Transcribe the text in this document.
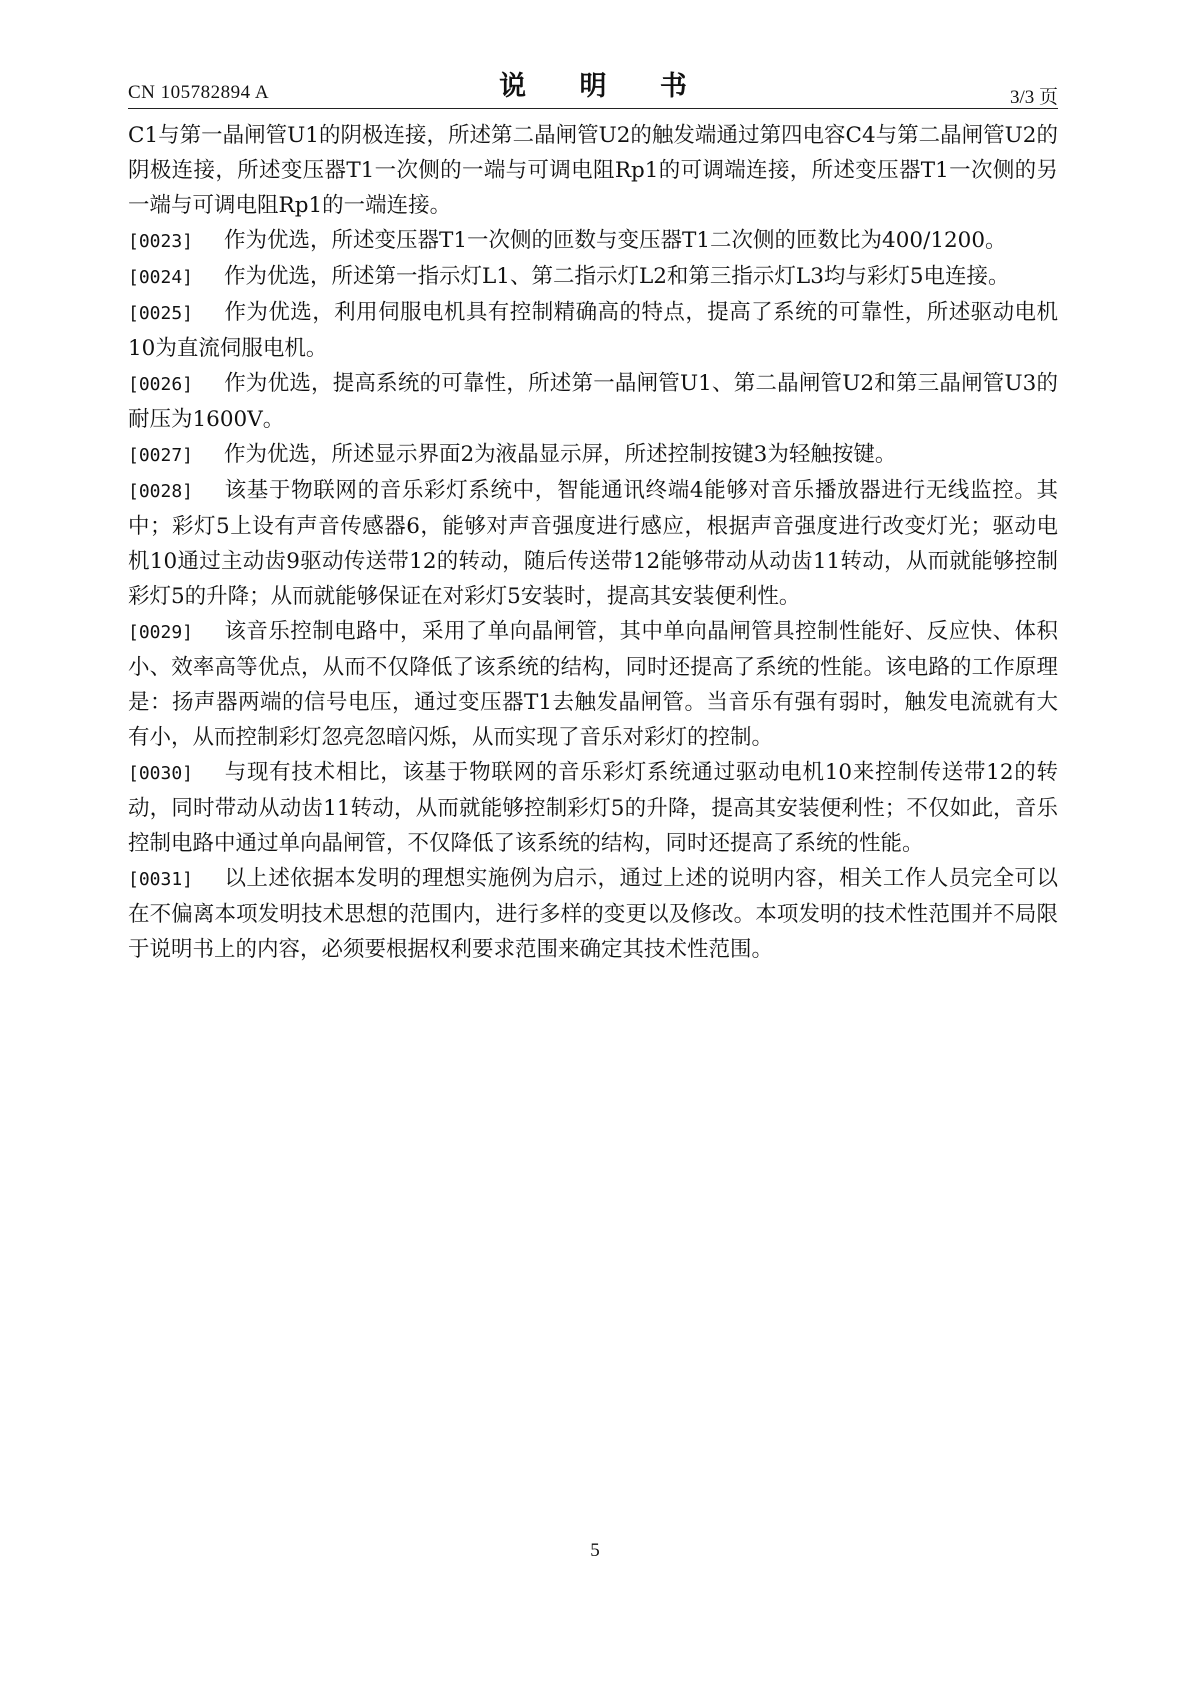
CN 105782894 A	说 明 书	3/3 页

C1与第一晶闸管U1的阴极连接，所述第二晶闸管U2的触发端通过第四电容C4与第二晶闸管U2的阴极连接，所述变压器T1一次侧的一端与可调电阻Rp1的可调端连接，所述变压器T1一次侧的另一端与可调电阻Rp1的一端连接。

[0023] 作为优选，所述变压器T1一次侧的匝数与变压器T1二次侧的匝数比为400/1200。

[0024] 作为优选，所述第一指示灯L1、第二指示灯L2和第三指示灯L3均与彩灯5电连接。

[0025] 作为优选，利用伺服电机具有控制精确高的特点，提高了系统的可靠性，所述驱动电机10为直流伺服电机。

[0026] 作为优选，提高系统的可靠性，所述第一晶闸管U1、第二晶闸管U2和第三晶闸管U3的耐压为1600V。

[0027] 作为优选，所述显示界面2为液晶显示屏，所述控制按键3为轻触按键。

[0028] 该基于物联网的音乐彩灯系统中，智能通讯终端4能够对音乐播放器进行无线监控。其中；彩灯5上设有声音传感器6，能够对声音强度进行感应，根据声音强度进行改变灯光；驱动电机10通过主动齿9驱动传送带12的转动，随后传送带12能够带动从动齿11转动，从而就能够控制彩灯5的升降；从而就能够保证在对彩灯5安装时，提高其安装便利性。

[0029] 该音乐控制电路中，采用了单向晶闸管，其中单向晶闸管具控制性能好、反应快、体积小、效率高等优点，从而不仅降低了该系统的结构，同时还提高了系统的性能。该电路的工作原理是：扬声器两端的信号电压，通过变压器T1去触发晶闸管。当音乐有强有弱时，触发电流就有大有小，从而控制彩灯忽亮忽暗闪烁，从而实现了音乐对彩灯的控制。

[0030] 与现有技术相比，该基于物联网的音乐彩灯系统通过驱动电机10来控制传送带12的转动，同时带动从动齿11转动，从而就能够控制彩灯5的升降，提高其安装便利性；不仅如此，音乐控制电路中通过单向晶闸管，不仅降低了该系统的结构，同时还提高了系统的性能。

[0031] 以上述依据本发明的理想实施例为启示，通过上述的说明内容，相关工作人员完全可以在不偏离本项发明技术思想的范围内，进行多样的变更以及修改。本项发明的技术性范围并不局限于说明书上的内容，必须要根据权利要求范围来确定其技术性范围。

5
